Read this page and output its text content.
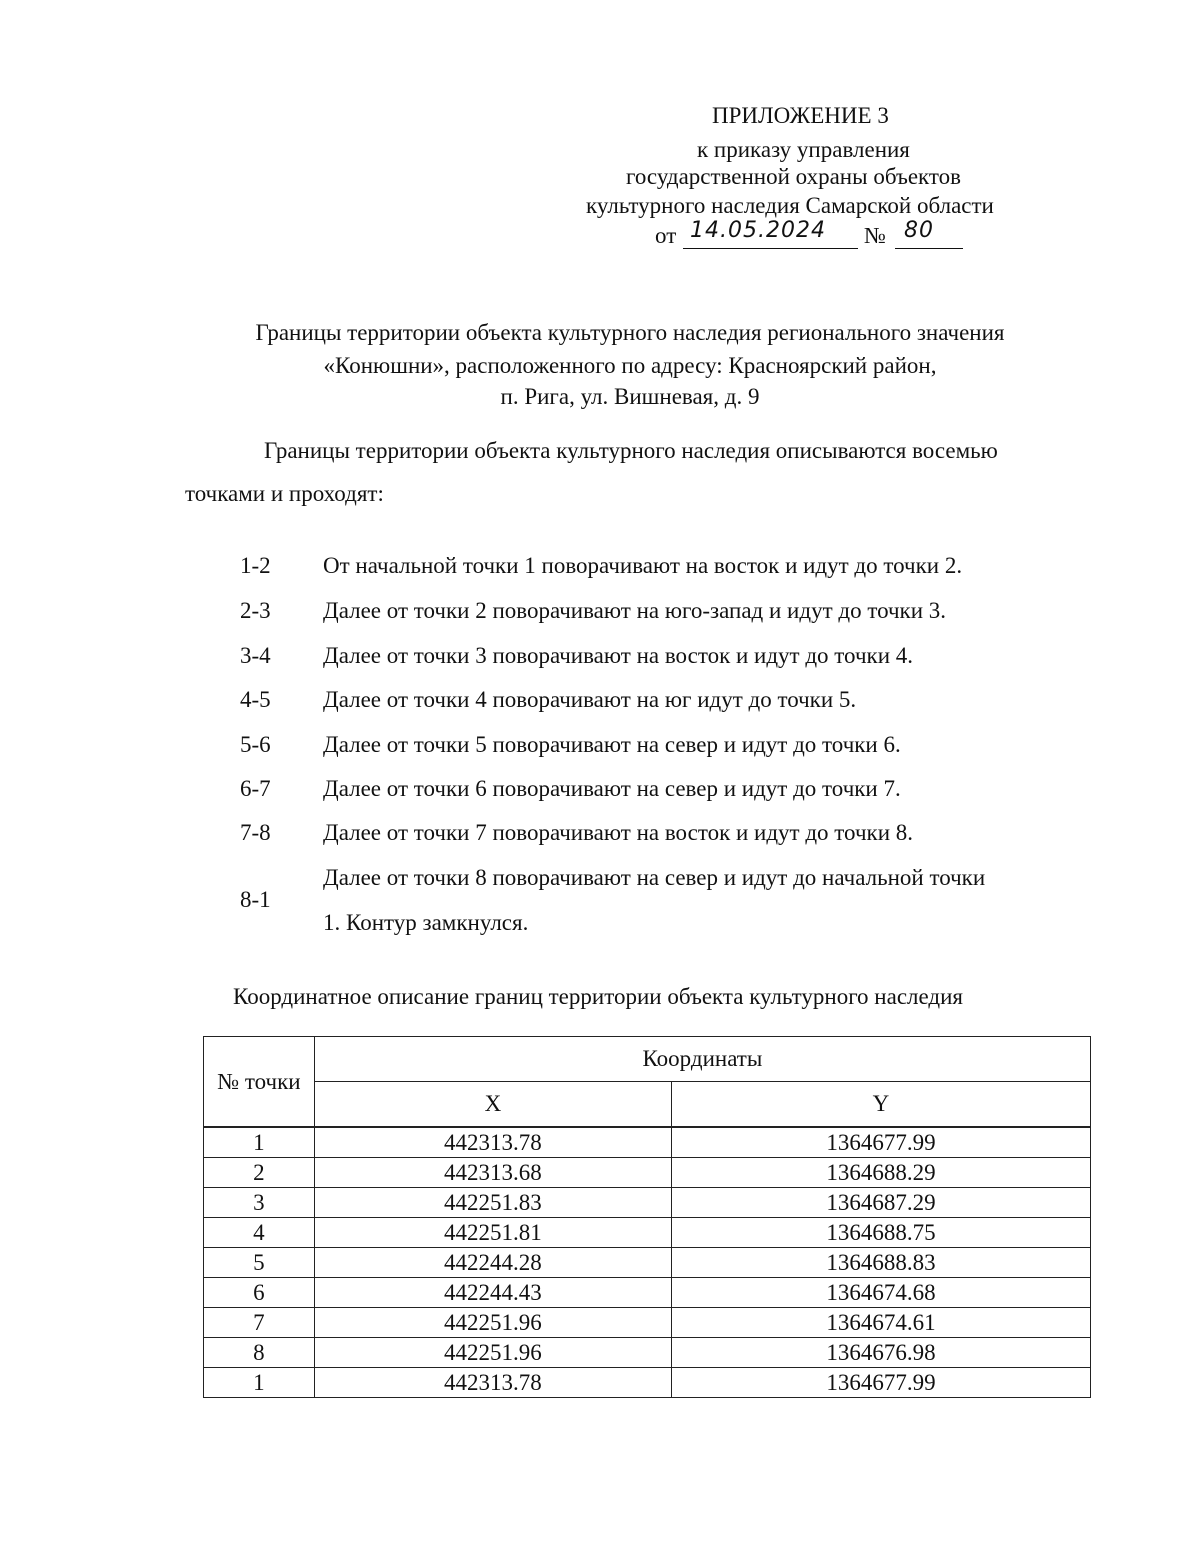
ПРИЛОЖЕНИЕ 3
к приказу управления
государственной охраны объектов
культурного наследия Самарской области
от 14.05.2024 № 80
Границы территории объекта культурного наследия регионального значения
«Конюшни», расположенного по адресу: Красноярский район,
п. Рига, ул. Вишневая, д. 9
Границы территории объекта культурного наследия описываются восемью
точками и проходят:
1-2 От начальной точки 1 поворачивают на восток и идут до точки 2.
2-3 Далее от точки 2 поворачивают на юго-запад и идут до точки 3.
3-4 Далее от точки 3 поворачивают на восток и идут до точки 4.
4-5 Далее от точки 4 поворачивают на юг идут до точки 5.
5-6 Далее от точки 5 поворачивают на север и идут до точки 6.
6-7 Далее от точки 6 поворачивают на север и идут до точки 7.
7-8 Далее от точки 7 поворачивают на восток и идут до точки 8.
8-1
Далее от точки 8 поворачивают на север и идут до начальной точки
1. Контур замкнулся.
Координатное описание границ территории объекта культурного наследия
№ точки	Координаты	
	X	Y
1	442313.78	1364677.99
2	442313.68	1364688.29
3	442251.83	1364687.29
4	442251.81	1364688.75
5	442244.28	1364688.83
6	442244.43	1364674.68
7	442251.96	1364674.61
8	442251.96	1364676.98
1	442313.78	1364677.99
